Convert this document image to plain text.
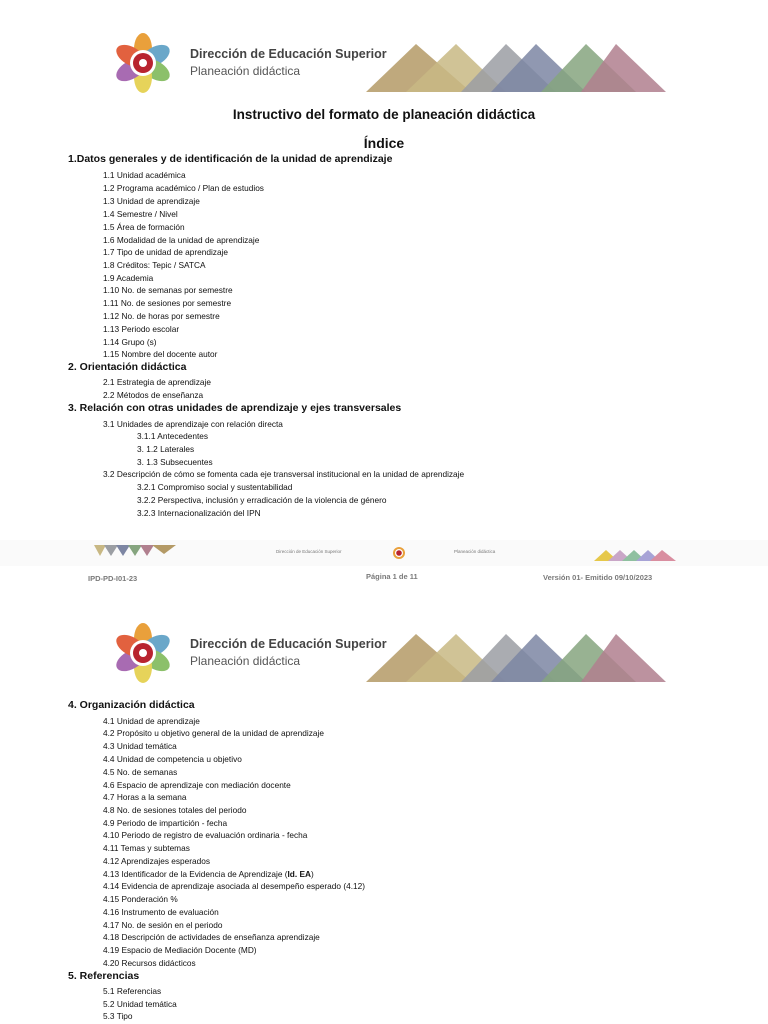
Dirección de Educación Superior
Planeación didáctica
Instructivo del formato de planeación didáctica
Índice
1.Datos generales y de identificación de la unidad de aprendizaje
1.1 Unidad académica
1.2 Programa académico / Plan de estudios
1.3 Unidad de aprendizaje
1.4 Semestre / Nivel
1.5 Área de formación
1.6 Modalidad de la unidad de aprendizaje
1.7 Tipo de unidad de aprendizaje
1.8 Créditos: Tepic / SATCA
1.9 Academia
1.10 No. de semanas por semestre
1.11 No. de sesiones por semestre
1.12 No. de horas por semestre
1.13 Periodo escolar
1.14 Grupo (s)
1.15 Nombre del docente autor
2. Orientación didáctica
2.1 Estrategia de aprendizaje
2.2 Métodos de enseñanza
3. Relación con otras unidades de aprendizaje y ejes transversales
3.1 Unidades de aprendizaje con relación directa
3.1.1 Antecedentes
3. 1.2 Laterales
3. 1.3 Subsecuentes
3.2 Descripción de cómo se fomenta cada eje transversal institucional en la unidad de aprendizaje
3.2.1 Compromiso social y sustentabilidad
3.2.2 Perspectiva, inclusión y erradicación de la violencia de género
3.2.3 Internacionalización del IPN
Dirección de Educación Superior	Planeación didáctica
IPD-PD-I01-23	Página 1 de 11	Versión 01- Emitido 09/10/2023
Dirección de Educación Superior
Planeación didáctica
4. Organización didáctica
4.1 Unidad de aprendizaje
4.2 Propósito u objetivo general de la unidad de aprendizaje
4.3 Unidad temática
4.4 Unidad de competencia u objetivo
4.5 No. de semanas
4.6 Espacio de aprendizaje con mediación docente
4.7 Horas a la semana
4.8 No. de sesiones totales del periodo
4.9 Periodo de impartición - fecha
4.10 Periodo de registro de evaluación ordinaria - fecha
4.11 Temas y subtemas
4.12 Aprendizajes esperados
4.13 Identificador de la Evidencia de Aprendizaje (Id. EA)
4.14 Evidencia de aprendizaje asociada al desempeño esperado (4.12)
4.15 Ponderación %
4.16 Instrumento de evaluación
4.17 No. de sesión en el periodo
4.18 Descripción de actividades de enseñanza aprendizaje
4.19 Espacio de Mediación Docente (MD)
4.20 Recursos didácticos
5. Referencias
5.1 Referencias
5.2 Unidad temática
5.3 Tipo
